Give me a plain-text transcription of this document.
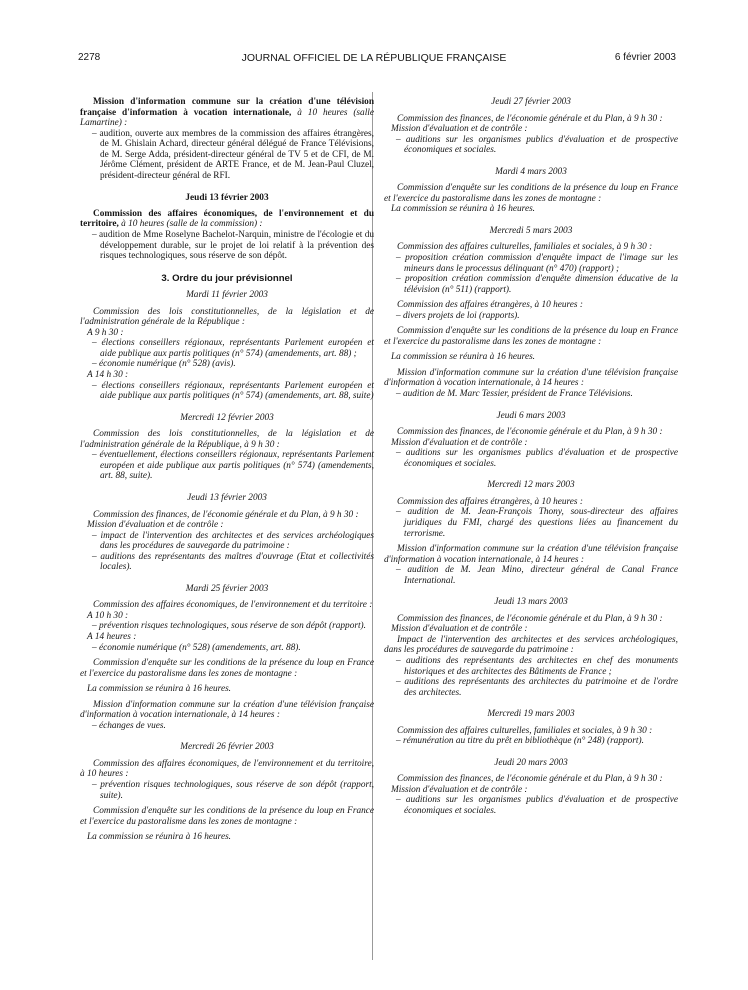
2278	JOURNAL OFFICIEL DE LA RÉPUBLIQUE FRANÇAISE	6 février 2003

Mission d'information commune sur la création d'une télévision française d'information à vocation internationale, à 10 heures (salle Lamartine) :

– audition, ouverte aux membres de la commission des affaires étrangères, de M. Ghislain Achard, directeur général délégué de France Télévisions, de M. Serge Adda, président-directeur général de TV 5 et de CFI, de M. Jérôme Clément, président de ARTE France, et de M. Jean-Paul Cluzel, président-directeur général de RFI.

Jeudi 13 février 2003

Commission des affaires économiques, de l'environnement et du territoire, à 10 heures (salle de la commission) :

– audition de Mme Roselyne Bachelot-Narquin, ministre de l'écologie et du développement durable, sur le projet de loi relatif à la prévention des risques technologiques, sous réserve de son dépôt.

3. Ordre du jour prévisionnel

Mardi 11 février 2003

Commission des lois constitutionnelles, de la législation et de l'administration générale de la République :

A 9 h 30 :

– élections conseillers régionaux, représentants Parlement européen et aide publique aux partis politiques (n° 574) (amendements, art. 88) ;

– économie numérique (n° 528) (avis).

A 14 h 30 :

– élections conseillers régionaux, représentants Parlement européen et aide publique aux partis politiques (n° 574) (amendements, art. 88, suite)

Mercredi 12 février 2003

Commission des lois constitutionnelles, de la législation et de l'administration générale de la République, à 9 h 30 :

– éventuellement, élections conseillers régionaux, représentants Parlement européen et aide publique aux partis politiques (n° 574) (amendements, art. 88, suite).

Jeudi 13 février 2003

Commission des finances, de l'économie générale et du Plan, à 9 h 30 :

Mission d'évaluation et de contrôle :

– impact de l'intervention des architectes et des services archéologiques dans les procédures de sauvegarde du patrimoine :

– auditions des représentants des maîtres d'ouvrage (Etat et collectivités locales).

Mardi 25 février 2003

Commission des affaires économiques, de l'environnement et du territoire :

A 10 h 30 :

– prévention risques technologiques, sous réserve de son dépôt (rapport).

A 14 heures :

– économie numérique (n° 528) (amendements, art. 88).

Commission d'enquête sur les conditions de la présence du loup en France et l'exercice du pastoralisme dans les zones de montagne :

La commission se réunira à 16 heures.

Mission d'information commune sur la création d'une télévision française d'information à vocation internationale, à 14 heures :

– échanges de vues.

Mercredi 26 février 2003

Commission des affaires économiques, de l'environnement et du territoire, à 10 heures :

– prévention risques technologiques, sous réserve de son dépôt (rapport, suite).

Commission d'enquête sur les conditions de la présence du loup en France et l'exercice du pastoralisme dans les zones de montagne :

La commission se réunira à 16 heures.

Jeudi 27 février 2003

Commission des finances, de l'économie générale et du Plan, à 9 h 30 :

Mission d'évaluation et de contrôle :

– auditions sur les organismes publics d'évaluation et de prospective économiques et sociales.

Mardi 4 mars 2003

Commission d'enquête sur les conditions de la présence du loup en France et l'exercice du pastoralisme dans les zones de montagne :

La commission se réunira à 16 heures.

Mercredi 5 mars 2003

Commission des affaires culturelles, familiales et sociales, à 9 h 30 :

– proposition création commission d'enquête impact de l'image sur les mineurs dans le processus délinquant (n° 470) (rapport) ;

– proposition création commission d'enquête dimension éducative de la télévision (n° 511) (rapport).

Commission des affaires étrangères, à 10 heures :

– divers projets de loi (rapports).

Commission d'enquête sur les conditions de la présence du loup en France et l'exercice du pastoralisme dans les zones de montagne :

La commission se réunira à 16 heures.

Mission d'information commune sur la création d'une télévision française d'information à vocation internationale, à 14 heures :

– audition de M. Marc Tessier, président de France Télévisions.

Jeudi 6 mars 2003

Commission des finances, de l'économie générale et du Plan, à 9 h 30 :

Mission d'évaluation et de contrôle :

– auditions sur les organismes publics d'évaluation et de prospective économiques et sociales.

Mercredi 12 mars 2003

Commission des affaires étrangères, à 10 heures :

– audition de M. Jean-François Thony, sous-directeur des affaires juridiques du FMI, chargé des questions liées au financement du terrorisme.

Mission d'information commune sur la création d'une télévision française d'information à vocation internationale, à 14 heures :

– audition de M. Jean Mino, directeur général de Canal France International.

Jeudi 13 mars 2003

Commission des finances, de l'économie générale et du Plan, à 9 h 30 :

Mission d'évaluation et de contrôle :

Impact de l'intervention des architectes et des services archéologiques, dans les procédures de sauvegarde du patrimoine :

– auditions des représentants des architectes en chef des monuments historiques et des architectes des Bâtiments de France ;

– auditions des représentants des architectes du patrimoine et de l'ordre des architectes.

Mercredi 19 mars 2003

Commission des affaires culturelles, familiales et sociales, à 9 h 30 :

– rémunération au titre du prêt en bibliothèque (n° 248) (rapport).

Jeudi 20 mars 2003

Commission des finances, de l'économie générale et du Plan, à 9 h 30 :

Mission d'évaluation et de contrôle :

– auditions sur les organismes publics d'évaluation et de prospective économiques et sociales.
